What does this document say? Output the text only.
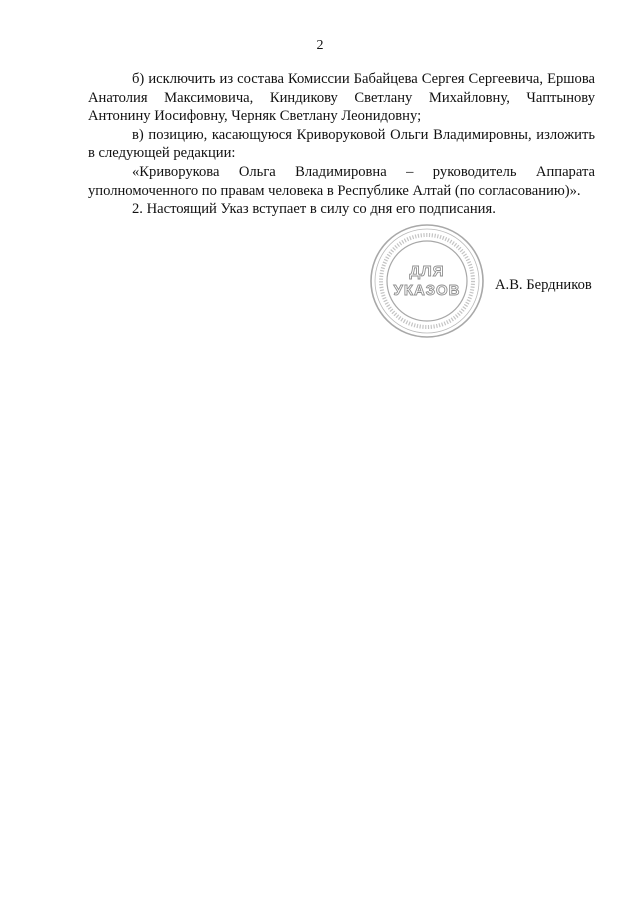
2

б) исключить из состава Комиссии Бабайцева Сергея Сергеевича, Ершова Анатолия Максимовича, Киндикову Светлану Михайловну, Чаптынову Антонину Иосифовну, Черняк Светлану Леонидовну;

в) позицию, касающуюся Криворуковой Ольги Владимировны, изложить в следующей редакции:

«Криворукова Ольга Владимировна – руководитель Аппарата уполномоченного по правам человека в Республике Алтай (по согласованию)».

2. Настоящий Указ вступает в силу со дня его подписания.

ДЛЯ
УКАЗОВ А.В. Бердников
